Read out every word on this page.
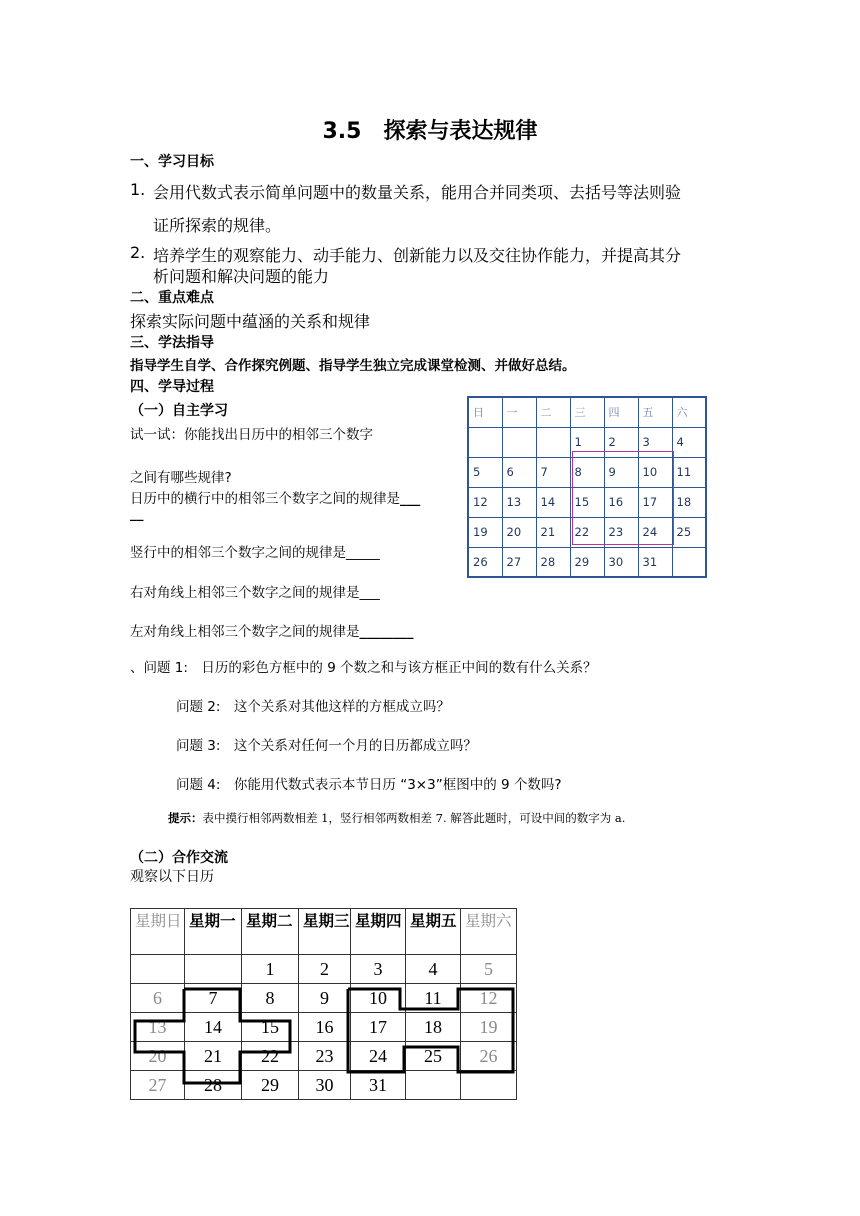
3.5　探索与表达规律
一、学习目标
1. 会用代数式表示简单问题中的数量关系，能用合并同类项、去括号等法则验
证所探索的规律。
2. 培养学生的观察能力、动手能力、创新能力以及交往协作能力，并提高其分
析问题和解决问题的能力
二、重点难点
探索实际问题中蕴涵的关系和规律
三、学法指导
指导学生自学、合作探究例题、指导学生独立完成课堂检测、并做好总结。
四、学导过程
（一）自主学习
试一试：你能找出日历中的相邻三个数字
之间有哪些规律?
日历中的横行中的相邻三个数字之间的规律是___
__
竖行中的相邻三个数字之间的规律是_____
右对角线上相邻三个数字之间的规律是___
左对角线上相邻三个数字之间的规律是________
日	一	二	三	四	五	六
			1	2	3	4
5	6	7	8	9	10	11
12	13	14	15	16	17	18
19	20	21	22	23	24	25
26	27	28	29	30	31	
、问题 1:　日历的彩色方框中的 9 个数之和与该方框正中间的数有什么关系？
问题 2:　这个关系对其他这样的方框成立吗？
问题 3:　这个关系对任何一个月的日历都成立吗？
问题 4:　你能用代数式表示本节日历 “3×3”框图中的 9 个数吗?
提示：表中摸行相邻两数相差 1，竖行相邻两数相差 7. 解答此题时，可设中间的数字为 a.
（二）合作交流
观察以下日历
星期日	星期一	星期二	星期三	星期四	星期五	星期六
		1	2	3	4	5
6	7	8	9	10	11	12
13	14	15	16	17	18	19
20	21	22	23	24	25	26
27	28	29	30	31		
